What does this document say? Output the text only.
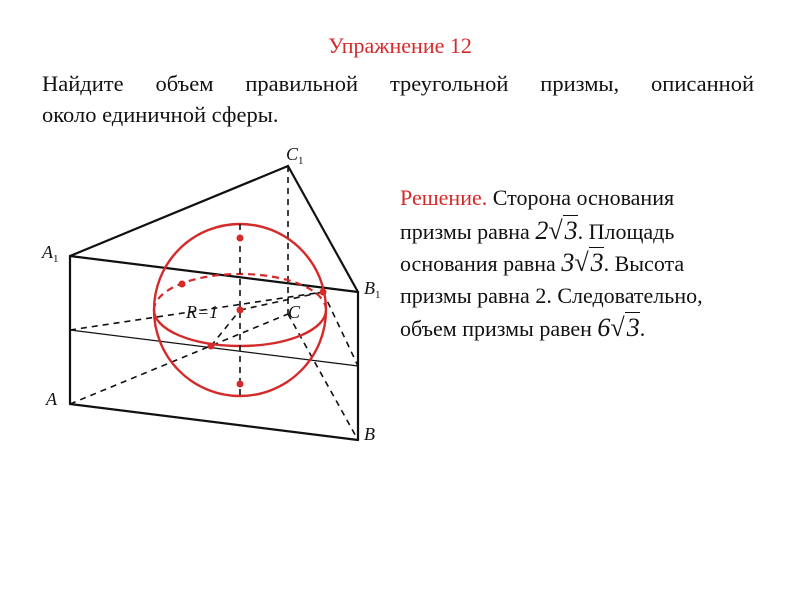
Упражнение 12
Найдите объем правильной треугольной призмы, описанной
около единичной сферы.
Решение. Сторона основания
призмы равна 2√3. Площадь
основания равна 3√3. Высота
призмы равна 2. Следовательно,
объем призмы равен 6√3.
$A_1$
$C_1$
$B_1$
A
B
C
R=1
